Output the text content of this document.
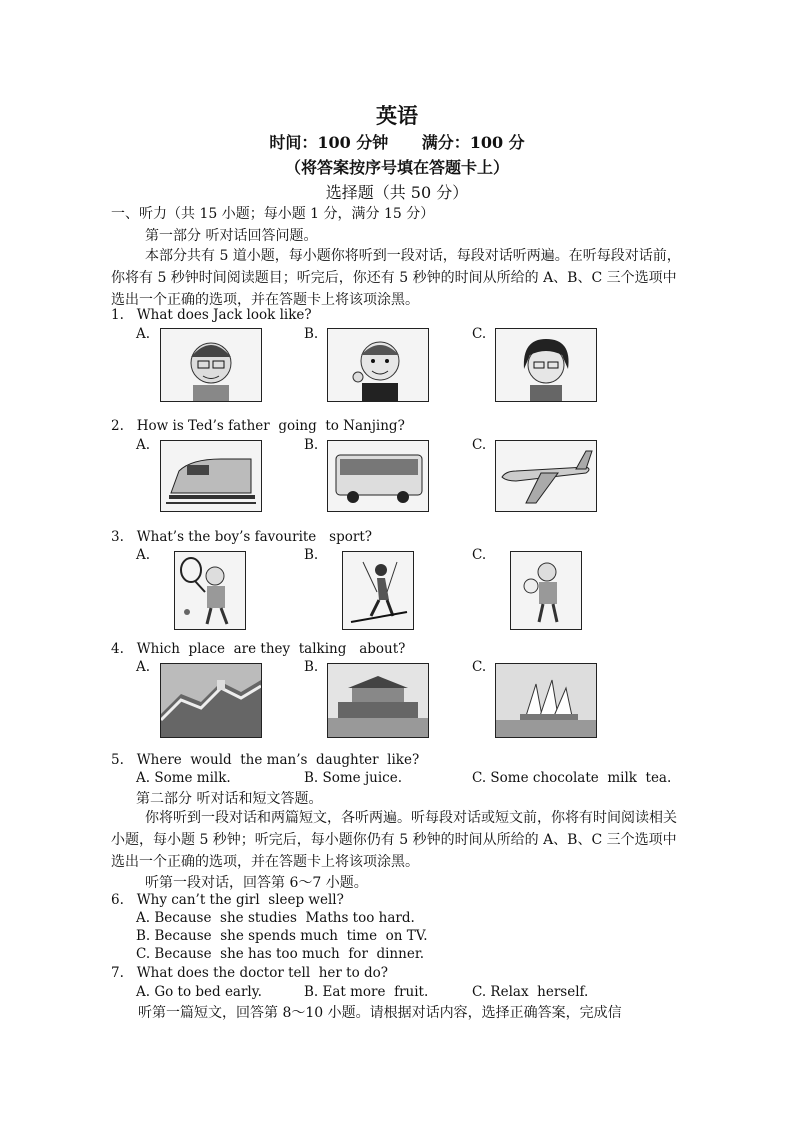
英语
时间：100 分钟      满分：100 分
（将答案按序号填在答题卡上）
选择题（共 50 分）
一、听力（共 15 小题；每小题 1 分，满分 15 分）
第一部分 听对话回答问题。
本部分共有 5 道小题，每小题你将听到一段对话，每段对话听两遍。在听每段对话前，你将有 5 秒钟时间阅读题目；听完后，你还有 5 秒钟的时间从所给的 A、B、C 三个选项中选出一个正确的选项，并在答题卡上将该项涂黑。
1.   What does Jack look like?
A.	B.	C.
2.   How is Ted’s father  going  to Nanjing?
A.	B.	C.
3.   What’s the boy’s favourite   sport?
A.	B.	C.
4.   Which  place  are they  talking   about?
A.	B.	C.
5.   Where  would  the man’s  daughter  like?
A. Some milk.	B. Some juice.	C. Some chocolate  milk  tea.
第二部分 听对话和短文答题。
你将听到一段对话和两篇短文，各听两遍。听每段对话或短文前，你将有时间阅读相关小题，每小题 5 秒钟；听完后，每小题你仍有 5 秒钟的时间从所给的 A、B、C 三个选项中选出一个正确的选项，并在答题卡上将该项涂黑。
听第一段对话，回答第 6～7 小题。
6.   Why can’t the girl  sleep well?
A. Because  she studies  Maths too hard.
B. Because  she spends much  time  on TV.
C. Because  she has too much  for  dinner.
7.   What does the doctor tell  her to do?
A. Go to bed early.	B. Eat more  fruit.	C. Relax  herself.
听第一篇短文，回答第 8～10 小题。请根据对话内容，选择正确答案，完成信
